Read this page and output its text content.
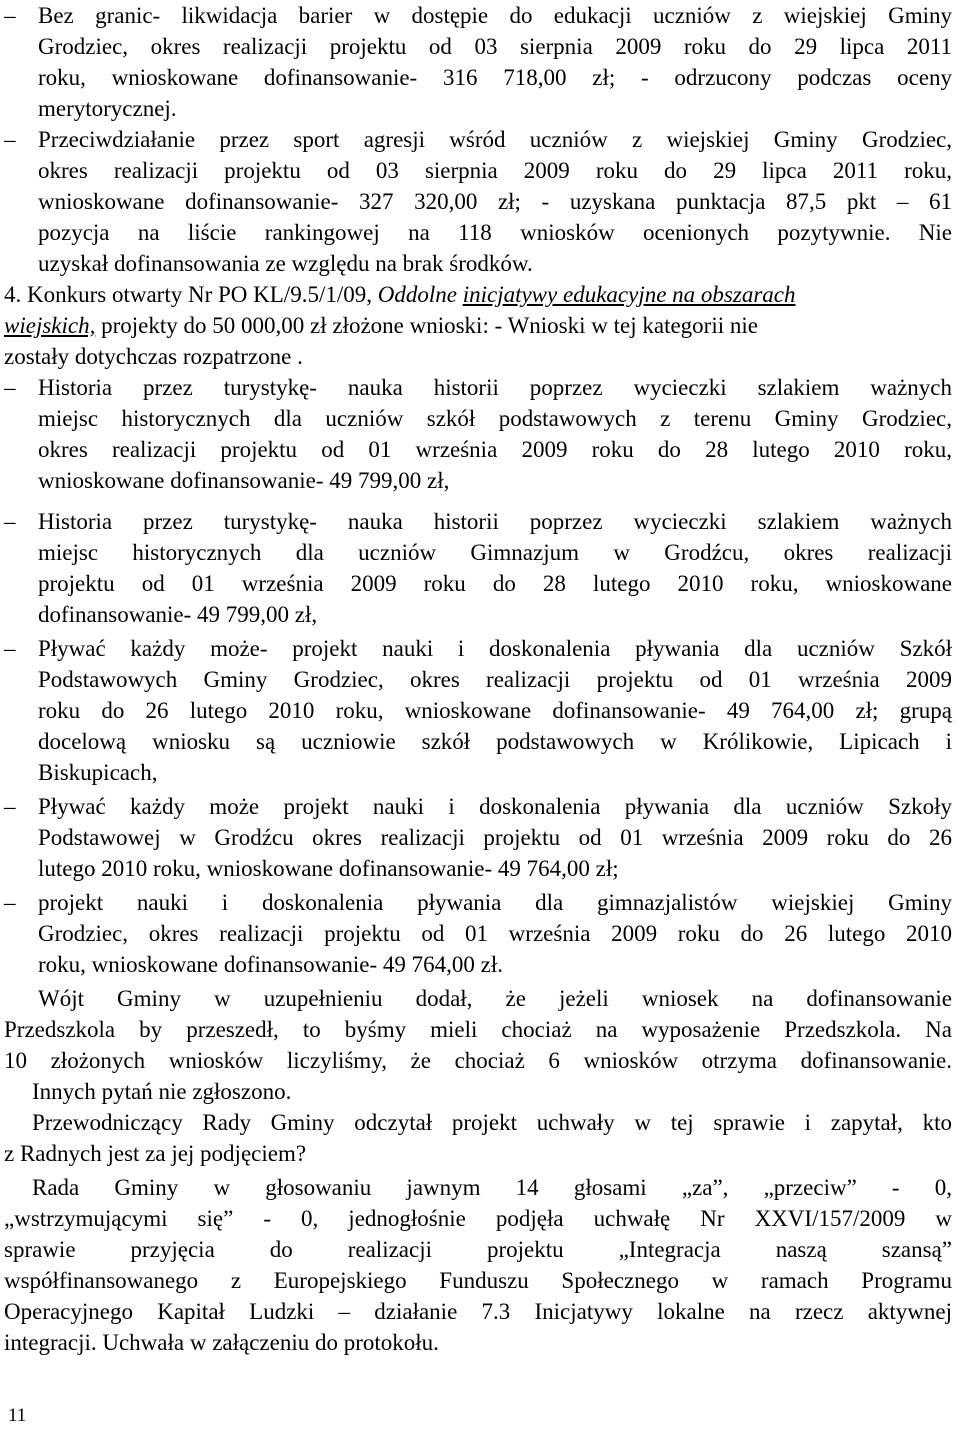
– Bez granic- likwidacja barier w dostępie do edukacji uczniów z wiejskiej Gminy
Grodziec, okres realizacji projektu od 03 sierpnia 2009 roku do 29 lipca 2011
roku, wnioskowane dofinansowanie- 316 718,00 zł; - odrzucony podczas oceny
merytorycznej.
– Przeciwdziałanie przez sport agresji wśród uczniów z wiejskiej Gminy Grodziec,
okres realizacji projektu od 03 sierpnia 2009 roku do 29 lipca 2011 roku,
wnioskowane dofinansowanie- 327 320,00 zł; - uzyskana punktacja 87,5 pkt – 61
pozycja na liście rankingowej na 118 wniosków ocenionych pozytywnie. Nie
uzyskał dofinansowania ze względu na brak środków.
4. Konkurs otwarty Nr PO KL/9.5/1/09, Oddolne inicjatywy edukacyjne na obszarach
wiejskich, projekty do 50 000,00 zł złożone wnioski: - Wnioski w tej kategorii nie
zostały dotychczas rozpatrzone .
– Historia przez turystykę- nauka historii poprzez wycieczki szlakiem ważnych
miejsc historycznych dla uczniów szkół podstawowych z terenu Gminy Grodziec,
okres realizacji projektu od 01 września 2009 roku do 28 lutego 2010 roku,
wnioskowane dofinansowanie- 49 799,00 zł,
– Historia przez turystykę- nauka historii poprzez wycieczki szlakiem ważnych
miejsc historycznych dla uczniów Gimnazjum w Grodźcu, okres realizacji
projektu od 01 września 2009 roku do 28 lutego 2010 roku, wnioskowane
dofinansowanie- 49 799,00 zł,
– Pływać każdy może- projekt nauki i doskonalenia pływania dla uczniów Szkół
Podstawowych Gminy Grodziec, okres realizacji projektu od 01 września 2009
roku do 26 lutego 2010 roku, wnioskowane dofinansowanie- 49 764,00 zł; grupą
docelową wniosku są uczniowie szkół podstawowych w Królikowie, Lipicach i
Biskupicach,
– Pływać każdy może projekt nauki i doskonalenia pływania dla uczniów Szkoły
Podstawowej w Grodźcu okres realizacji projektu od 01 września 2009 roku do 26
lutego 2010 roku, wnioskowane dofinansowanie- 49 764,00 zł;
– projekt nauki i doskonalenia pływania dla gimnazjalistów wiejskiej Gminy
Grodziec, okres realizacji projektu od 01 września 2009 roku do 26 lutego 2010
roku, wnioskowane dofinansowanie- 49 764,00 zł.
Wójt Gminy w uzupełnieniu dodał, że jeżeli wniosek na dofinansowanie
Przedszkola by przeszedł, to byśmy mieli chociaż na wyposażenie Przedszkola. Na
10 złożonych wniosków liczyliśmy, że chociaż 6 wniosków otrzyma dofinansowanie.
Innych pytań nie zgłoszono.
Przewodniczący Rady Gminy odczytał projekt uchwały w tej sprawie i zapytał, kto
z Radnych jest za jej podjęciem?
Rada Gminy w głosowaniu jawnym 14 głosami „za”, „przeciw” - 0,
„wstrzymującymi się” - 0, jednogłośnie podjęła uchwałę Nr XXVI/157/2009 w
sprawie przyjęcia do realizacji projektu „Integracja naszą szansą”
współfinansowanego z Europejskiego Funduszu Społecznego w ramach Programu
Operacyjnego Kapitał Ludzki – działanie 7.3 Inicjatywy lokalne na rzecz aktywnej
integracji. Uchwała w załączeniu do protokołu.
11
